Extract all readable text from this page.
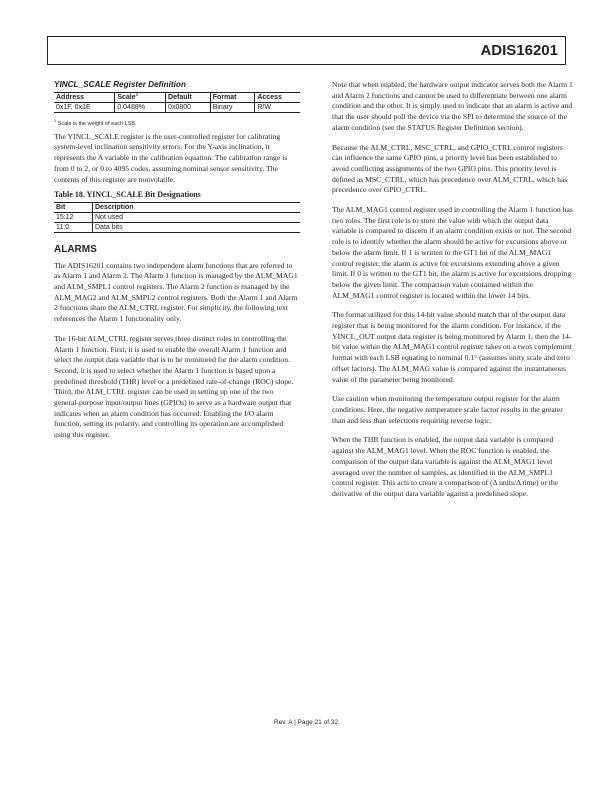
ADIS16201

YINCL_SCALE Register Definition

Address	Scale$^1$	Default	Format	Access
0x1F, 0x1E	0.0488%	0x0800	Binary	R/W

$^1$ Scale is the weight of each LSB.

The YINCL_SCALE register is the user-controlled register for calibrating system-level inclination sensitivity errors. For the Y-axis inclination, it represents the A variable in the calibration equation. The calibration range is from 0 to 2, or 0 to 4095 codes, assuming nominal sensor sensitivity. The contents of this register are nonvolatile.

Table 18. YINCL_SCALE Bit Designations

Bit	Description
15:12	Not used
11:0	Data bits

ALARMS

The ADIS16201 contains two independent alarm functions that are referred to as Alarm 1 and Alarm 2. The Alarm 1 function is managed by the ALM_MAG1 and ALM_SMPL1 control registers. The Alarm 2 function is managed by the ALM_MAG2 and ALM_SMPL2 control registers. Both the Alarm 1 and Alarm 2 functions share the ALM_CTRL register. For simplicity, the following text references the Alarm 1 functionality only.

The 16-bit ALM_CTRL register serves three distinct roles in controlling the Alarm 1 function. First, it is used to enable the overall Alarm 1 function and select the output data variable that is to be monitored for the alarm condition. Second, it is used to select whether the Alarm 1 function is based upon a predefined threshold (THR) level or a predefined rate-of-change (ROC) slope. Third, the ALM_CTRL register can be used in setting up one of the two general-purpose input/output lines (GPIOs) to serve as a hardware output that indicates when an alarm condition has occurred. Enabling the I/O alarm function, setting its polarity, and controlling its operation are accomplished using this register.

Note that when enabled, the hardware output indicator serves both the Alarm 1 and Alarm 2 functions and cannot be used to differentiate between one alarm condition and the other. It is simply used to indicate that an alarm is active and that the user should poll the device via the SPI to determine the source of the alarm condition (see the STATUS Register Definition section).

Because the ALM_CTRL, MSC_CTRL, and GPIO_CTRL control registers can influence the same GPIO pins, a priority level has been established to avoid conflicting assignments of the two GPIO pins. This priority level is defined as MSC_CTRL, which has precedence over ALM_CTRL, which has precedence over GPIO_CTRL.

The ALM_MAG1 control register used in controlling the Alarm 1 function has two roles. The first role is to store the value with which the output data variable is compared to discern if an alarm condition exists or not. The second role is to identify whether the alarm should be active for excursions above or below the alarm limit. If 1 is written to the GT1 bit of the ALM_MAG1 control register, the alarm is active for excursions extending above a given limit. If 0 is written to the GT1 bit, the alarm is active for excursions dropping below the given limit. The comparison value contained within the ALM_MAG1 control register is located within the lower 14 bits.

The format utilized for this 14-bit value should match that of the output data register that is being monitored for the alarm condition. For instance, if the YINCL_OUT output data register is being monitored by Alarm 1, then the 14-bit value within the ALM_MAG1 control register takes on a twos complement format with each LSB equating to nominal 0.1° (assumes unity scale and zero offset factors). The ALM_MAG value is compared against the instantaneous value of the parameter being monitored.

Use caution when monitoring the temperature output register for the alarm conditions. Here, the negative temperature scale factor results in the greater than and less than selections requiring reverse logic.

When the THR function is enabled, the output data variable is compared against the ALM_MAG1 level. When the ROC function is enabled, the comparison of the output data variable is against the ALM_MAG1 level averaged over the number of samples, as identified in the ALM_SMPL1 control register. This acts to create a comparison of (Δ units/Δ time) or the derivative of the output data variable against a predefined slope.

Rev. A | Page 21 of 32
